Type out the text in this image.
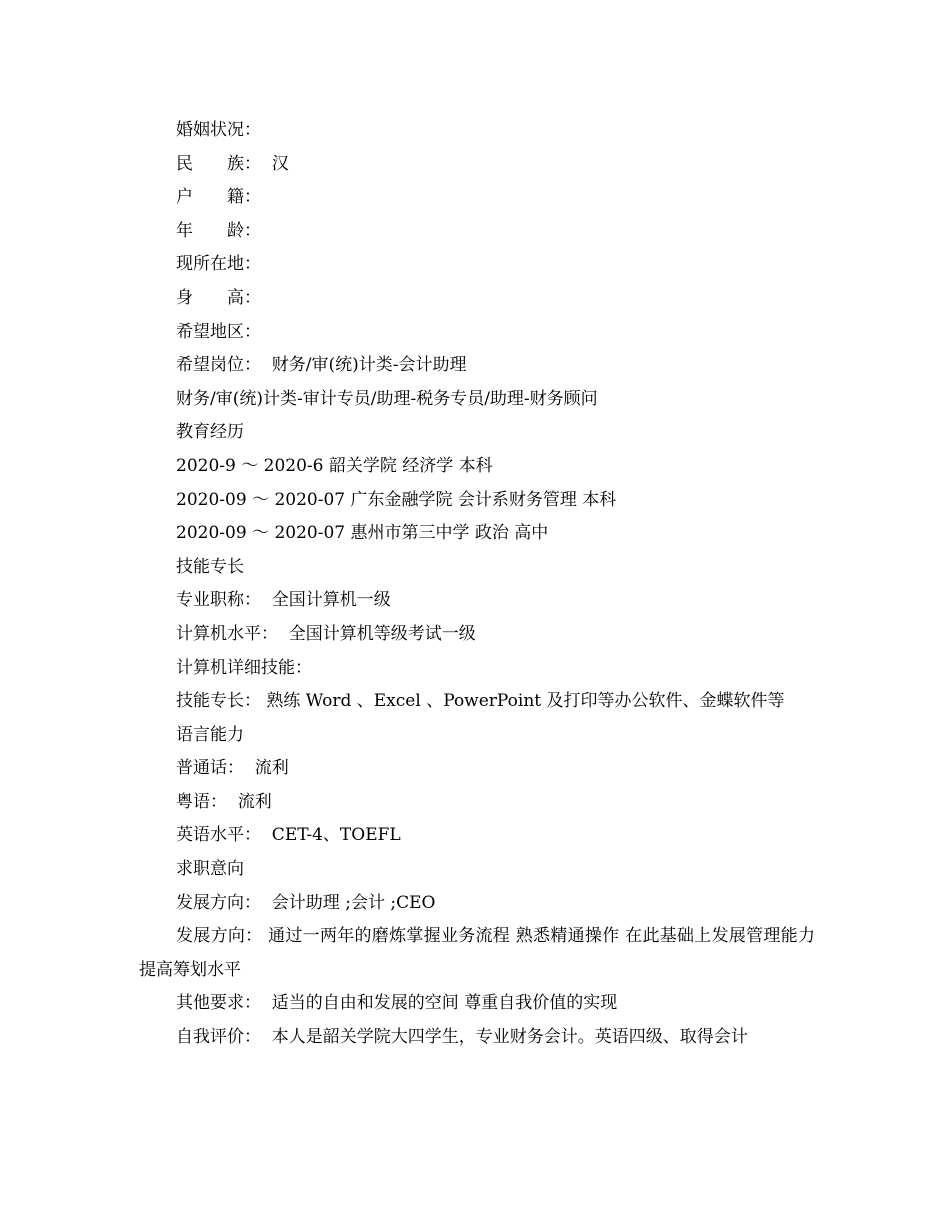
婚姻状况：
民　　族：  汉
户　　籍：
年　　龄：
现所在地：
身　　高：
希望地区：
希望岗位：  财务/审(统)计类-会计助理
财务/审(统)计类-审计专员/助理-税务专员/助理-财务顾问
教育经历
2020-9 ～ 2020-6 韶关学院 经济学 本科
2020-09 ～ 2020-07 广东金融学院 会计系财务管理 本科
2020-09 ～ 2020-07 惠州市第三中学 政治 高中
技能专长
专业职称：  全国计算机一级
计算机水平：  全国计算机等级考试一级
计算机详细技能：
技能专长： 熟练 Word 、Excel 、PowerPoint 及打印等办公软件、金蝶软件等
语言能力
普通话：  流利
粤语：  流利
英语水平：  CET-4、TOEFL
求职意向
发展方向：  会计助理 ;会计 ;CEO
发展方向： 通过一两年的磨炼掌握业务流程 熟悉精通操作 在此基础上发展管理能力 提高筹划水平
其他要求：  适当的自由和发展的空间 尊重自我价值的实现
自我评价：  本人是韶关学院大四学生，专业财务会计。英语四级、取得会计
